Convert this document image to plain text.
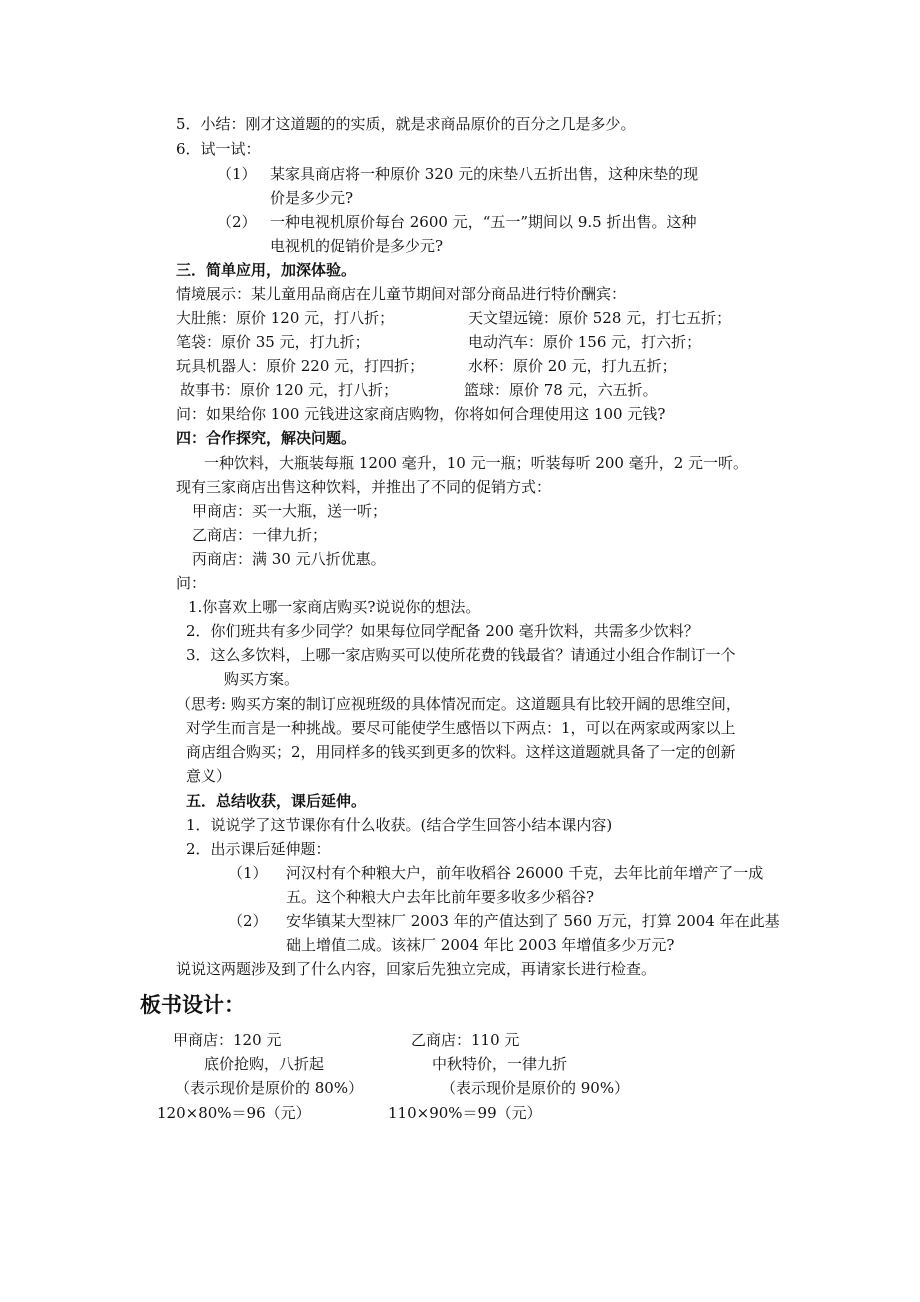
5．小结：刚才这道题的的实质，就是求商品原价的百分之几是多少。
6．试一试：
（1） 某家具商店将一种原价 320 元的床垫八五折出售，这种床垫的现
价是多少元?
（2） 一种电视机原价每台 2600 元，“五一”期间以 9.5 折出售。这种
电视机的促销价是多少元?
三．简单应用，加深体验。
情境展示：某儿童用品商店在儿童节期间对部分商品进行特价酬宾：
大肚熊：原价 120 元，打八折；	天文望远镜：原价 528 元，打七五折；
笔袋：原价 35 元，打九折；	电动汽车：原价 156 元，打六折；
玩具机器人：原价 220 元，打四折；	水杯：原价 20 元，打九五折；
故事书：原价 120 元，打八折；	篮球：原价 78 元，六五折。
问：如果给你 100 元钱进这家商店购物，你将如何合理使用这 100 元钱?
四：合作探究，解决问题。
一种饮料，大瓶装每瓶 1200 毫升，10 元一瓶；听装每听 200 毫升，2 元一听。
现有三家商店出售这种饮料，并推出了不同的促销方式：
甲商店：买一大瓶，送一听；
乙商店：一律九折；
丙商店：满 30 元八折优惠。
问：
1.你喜欢上哪一家商店购买?说说你的想法。
2．你们班共有多少同学？如果每位同学配备 200 毫升饮料，共需多少饮料？
3．这么多饮料，上哪一家店购买可以使所花费的钱最省？请通过小组合作制订一个
购买方案。
（思考: 购买方案的制订应视班级的具体情况而定。这道题具有比较开阔的思维空间，
对学生而言是一种挑战。要尽可能使学生感悟以下两点：1，可以在两家或两家以上
商店组合购买；2，用同样多的钱买到更多的饮料。这样这道题就具备了一定的创新
意义）
五．总结收获，课后延伸。
1．说说学了这节课你有什么收获。(结合学生回答小结本课内容)
2．出示课后延伸题：
（1） 河汉村有个种粮大户，前年收稻谷 26000 千克，去年比前年增产了一成
五。这个种粮大户去年比前年要多收多少稻谷?
（2） 安华镇某大型袜厂 2003 年的产值达到了 560 万元，打算 2004 年在此基
础上增值二成。该袜厂 2004 年比 2003 年增值多少万元?
说说这两题涉及到了什么内容，回家后先独立完成，再请家长进行检查。
板书设计：
甲商店：120 元	乙商店：110 元
底价抢购，八折起	中秋特价，一律九折
（表示现价是原价的 80%）	（表示现价是原价的 90%）
120×80%＝96（元）	110×90%＝99（元）
